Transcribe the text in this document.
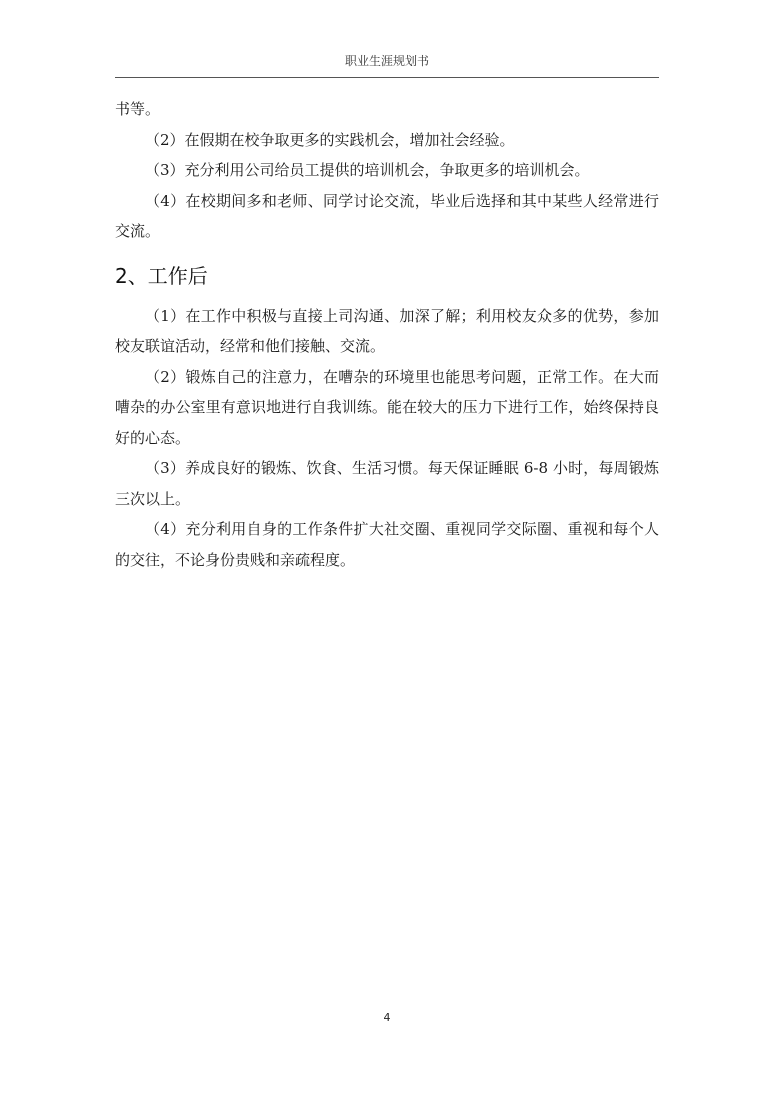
职业生涯规划书

书等。

（2）在假期在校争取更多的实践机会，增加社会经验。

（3）充分利用公司给员工提供的培训机会，争取更多的培训机会。

（4）在校期间多和老师、同学讨论交流，毕业后选择和其中某些人经常进行交流。

2、工作后

（1）在工作中积极与直接上司沟通、加深了解；利用校友众多的优势，参加校友联谊活动，经常和他们接触、交流。

（2）锻炼自己的注意力，在嘈杂的环境里也能思考问题，正常工作。在大而嘈杂的办公室里有意识地进行自我训练。能在较大的压力下进行工作，始终保持良好的心态。

（3）养成良好的锻炼、饮食、生活习惯。每天保证睡眠 6-8 小时，每周锻炼三次以上。

（4）充分利用自身的工作条件扩大社交圈、重视同学交际圈、重视和每个人的交往，不论身份贵贱和亲疏程度。

4
